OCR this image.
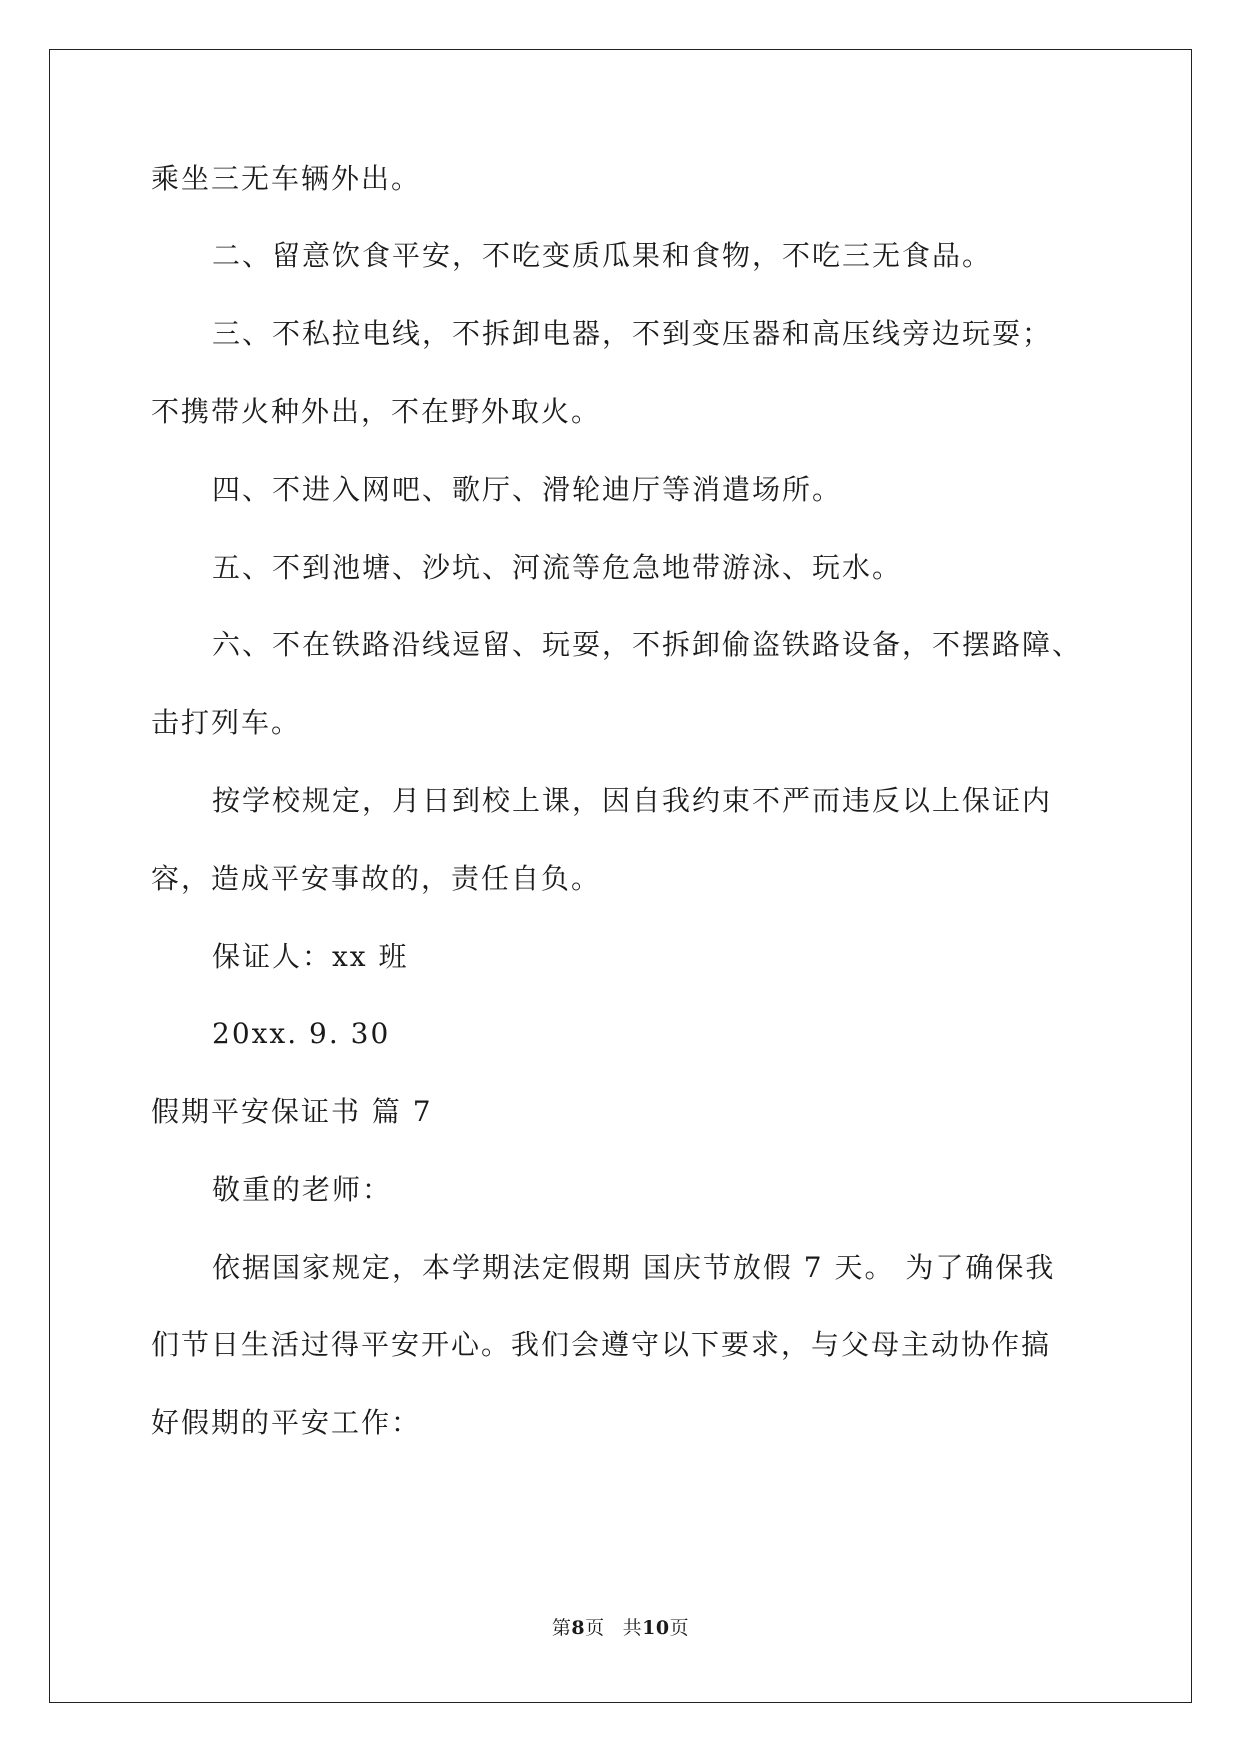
乘坐三无车辆外出。
二、留意饮食平安，不吃变质瓜果和食物，不吃三无食品。
三、不私拉电线，不拆卸电器，不到变压器和高压线旁边玩耍；
不携带火种外出，不在野外取火。
四、不进入网吧、歌厅、滑轮迪厅等消遣场所。
五、不到池塘、沙坑、河流等危急地带游泳、玩水。
六、不在铁路沿线逗留、玩耍，不拆卸偷盗铁路设备，不摆路障、
击打列车。
按学校规定，月日到校上课，因自我约束不严而违反以上保证内
容，造成平安事故的，责任自负。
保证人：xx 班
20xx. 9. 30
假期平安保证书 篇 7
敬重的老师：
依据国家规定，本学期法定假期 国庆节放假 7 天。 为了确保我
们节日生活过得平安开心。我们会遵守以下要求，与父母主动协作搞
好假期的平安工作：
第8页 共10页
